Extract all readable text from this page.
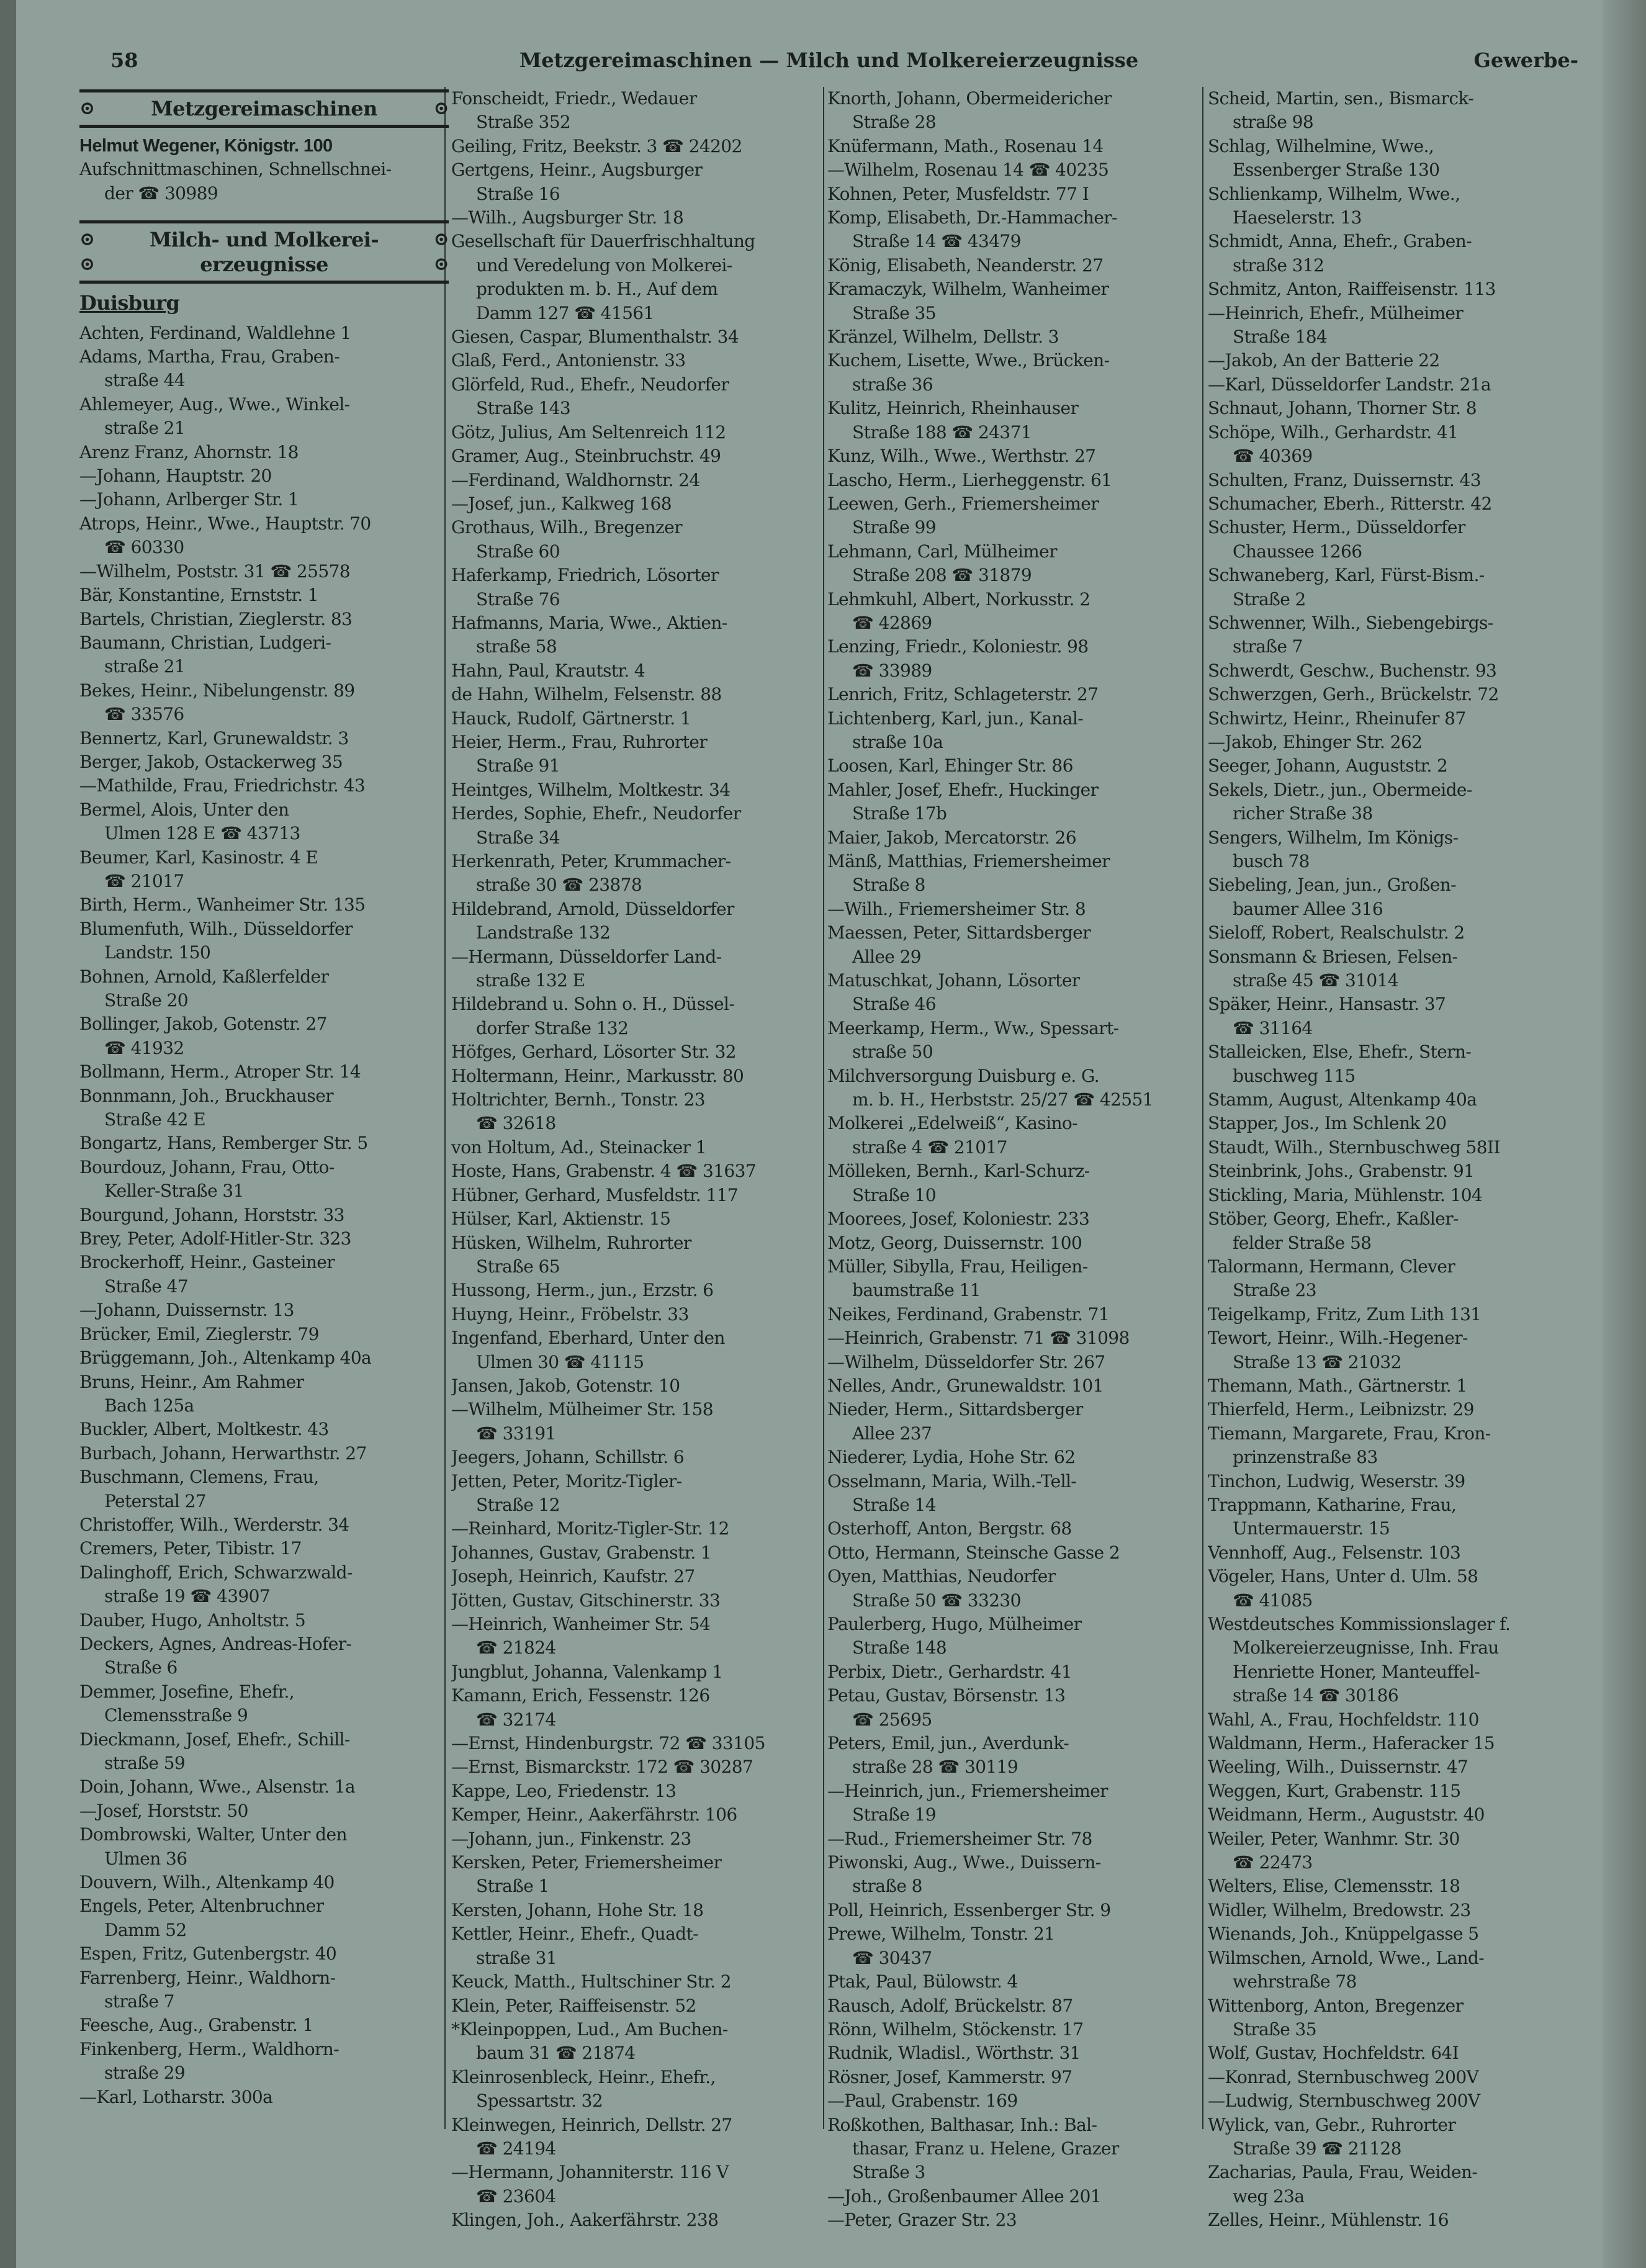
58	Metzgereimaschinen — Milch und Molkereierzeugnisse	Gewerbe-
⊙	Metzgereimaschinen	⊙
Helmut Wegener, Königstr. 100
Aufschnittmaschinen, Schnellschnei-
der ☎ 30989
⊙
⊙
Milch- und Molkerei-
erzeugnisse
⊙
⊙
Duisburg
Achten, Ferdinand, Waldlehne 1
Adams, Martha, Frau, Graben-
straße 44
Ahlemeyer, Aug., Wwe., Winkel-
straße 21
Arenz Franz, Ahornstr. 18
—Johann, Hauptstr. 20
—Johann, Arlberger Str. 1
Atrops, Heinr., Wwe., Hauptstr. 70
☎ 60330
—Wilhelm, Poststr. 31 ☎ 25578
Bär, Konstantine, Ernststr. 1
Bartels, Christian, Zieglerstr. 83
Baumann, Christian, Ludgeri-
straße 21
Bekes, Heinr., Nibelungenstr. 89
☎ 33576
Bennertz, Karl, Grunewaldstr. 3
Berger, Jakob, Ostackerweg 35
—Mathilde, Frau, Friedrichstr. 43
Bermel, Alois, Unter den
Ulmen 128 E ☎ 43713
Beumer, Karl, Kasinostr. 4 E
☎ 21017
Birth, Herm., Wanheimer Str. 135
Blumenfuth, Wilh., Düsseldorfer
Landstr. 150
Bohnen, Arnold, Kaßlerfelder
Straße 20
Bollinger, Jakob, Gotenstr. 27
☎ 41932
Bollmann, Herm., Atroper Str. 14
Bonnmann, Joh., Bruckhauser
Straße 42 E
Bongartz, Hans, Remberger Str. 5
Bourdouz, Johann, Frau, Otto-
Keller-Straße 31
Bourgund, Johann, Horststr. 33
Brey, Peter, Adolf-Hitler-Str. 323
Brockerhoff, Heinr., Gasteiner
Straße 47
—Johann, Duissernstr. 13
Brücker, Emil, Zieglerstr. 79
Brüggemann, Joh., Altenkamp 40a
Bruns, Heinr., Am Rahmer
Bach 125a
Buckler, Albert, Moltkestr. 43
Burbach, Johann, Herwarthstr. 27
Buschmann, Clemens, Frau,
Peterstal 27
Christoffer, Wilh., Werderstr. 34
Cremers, Peter, Tibistr. 17
Dalinghoff, Erich, Schwarzwald-
straße 19 ☎ 43907
Dauber, Hugo, Anholtstr. 5
Deckers, Agnes, Andreas-Hofer-
Straße 6
Demmer, Josefine, Ehefr.,
Clemensstraße 9
Dieckmann, Josef, Ehefr., Schill-
straße 59
Doin, Johann, Wwe., Alsenstr. 1a
—Josef, Horststr. 50
Dombrowski, Walter, Unter den
Ulmen 36
Douvern, Wilh., Altenkamp 40
Engels, Peter, Altenbruchner
Damm 52
Espen, Fritz, Gutenbergstr. 40
Farrenberg, Heinr., Waldhorn-
straße 7
Feesche, Aug., Grabenstr. 1
Finkenberg, Herm., Waldhorn-
straße 29
—Karl, Lotharstr. 300a
Fonscheidt, Friedr., Wedauer
Straße 352
Geiling, Fritz, Beekstr. 3 ☎ 24202
Gertgens, Heinr., Augsburger
Straße 16
—Wilh., Augsburger Str. 18
Gesellschaft für Dauerfrischhaltung
und Veredelung von Molkerei-
produkten m. b. H., Auf dem
Damm 127 ☎ 41561
Giesen, Caspar, Blumenthalstr. 34
Glaß, Ferd., Antonienstr. 33
Glörfeld, Rud., Ehefr., Neudorfer
Straße 143
Götz, Julius, Am Seltenreich 112
Gramer, Aug., Steinbruchstr. 49
—Ferdinand, Waldhornstr. 24
—Josef, jun., Kalkweg 168
Grothaus, Wilh., Bregenzer
Straße 60
Haferkamp, Friedrich, Lösorter
Straße 76
Hafmanns, Maria, Wwe., Aktien-
straße 58
Hahn, Paul, Krautstr. 4
de Hahn, Wilhelm, Felsenstr. 88
Hauck, Rudolf, Gärtnerstr. 1
Heier, Herm., Frau, Ruhrorter
Straße 91
Heintges, Wilhelm, Moltkestr. 34
Herdes, Sophie, Ehefr., Neudorfer
Straße 34
Herkenrath, Peter, Krummacher-
straße 30 ☎ 23878
Hildebrand, Arnold, Düsseldorfer
Landstraße 132
—Hermann, Düsseldorfer Land-
straße 132 E
Hildebrand u. Sohn o. H., Düssel-
dorfer Straße 132
Höfges, Gerhard, Lösorter Str. 32
Holtermann, Heinr., Markusstr. 80
Holtrichter, Bernh., Tonstr. 23
☎ 32618
von Holtum, Ad., Steinacker 1
Hoste, Hans, Grabenstr. 4 ☎ 31637
Hübner, Gerhard, Musfeldstr. 117
Hülser, Karl, Aktienstr. 15
Hüsken, Wilhelm, Ruhrorter
Straße 65
Hussong, Herm., jun., Erzstr. 6
Huyng, Heinr., Fröbelstr. 33
Ingenfand, Eberhard, Unter den
Ulmen 30 ☎ 41115
Jansen, Jakob, Gotenstr. 10
—Wilhelm, Mülheimer Str. 158
☎ 33191
Jeegers, Johann, Schillstr. 6
Jetten, Peter, Moritz-Tigler-
Straße 12
—Reinhard, Moritz-Tigler-Str. 12
Johannes, Gustav, Grabenstr. 1
Joseph, Heinrich, Kaufstr. 27
Jötten, Gustav, Gitschinerstr. 33
—Heinrich, Wanheimer Str. 54
☎ 21824
Jungblut, Johanna, Valenkamp 1
Kamann, Erich, Fessenstr. 126
☎ 32174
—Ernst, Hindenburgstr. 72 ☎ 33105
—Ernst, Bismarckstr. 172 ☎ 30287
Kappe, Leo, Friedenstr. 13
Kemper, Heinr., Aakerfährstr. 106
—Johann, jun., Finkenstr. 23
Kersken, Peter, Friemersheimer
Straße 1
Kersten, Johann, Hohe Str. 18
Kettler, Heinr., Ehefr., Quadt-
straße 31
Keuck, Matth., Hultschiner Str. 2
Klein, Peter, Raiffeisenstr. 52
*Kleinpoppen, Lud., Am Buchen-
baum 31 ☎ 21874
Kleinrosenbleck, Heinr., Ehefr.,
Spessartstr. 32
Kleinwegen, Heinrich, Dellstr. 27
☎ 24194
—Hermann, Johanniterstr. 116 V
☎ 23604
Klingen, Joh., Aakerfährstr. 238
Knorth, Johann, Obermeidericher
Straße 28
Knüfermann, Math., Rosenau 14
—Wilhelm, Rosenau 14 ☎ 40235
Kohnen, Peter, Musfeldstr. 77 I
Komp, Elisabeth, Dr.-Hammacher-
Straße 14 ☎ 43479
König, Elisabeth, Neanderstr. 27
Kramaczyk, Wilhelm, Wanheimer
Straße 35
Kränzel, Wilhelm, Dellstr. 3
Kuchem, Lisette, Wwe., Brücken-
straße 36
Kulitz, Heinrich, Rheinhauser
Straße 188 ☎ 24371
Kunz, Wilh., Wwe., Werthstr. 27
Lascho, Herm., Lierheggenstr. 61
Leewen, Gerh., Friemersheimer
Straße 99
Lehmann, Carl, Mülheimer
Straße 208 ☎ 31879
Lehmkuhl, Albert, Norkusstr. 2
☎ 42869
Lenzing, Friedr., Koloniestr. 98
☎ 33989
Lenrich, Fritz, Schlageterstr. 27
Lichtenberg, Karl, jun., Kanal-
straße 10a
Loosen, Karl, Ehinger Str. 86
Mahler, Josef, Ehefr., Huckinger
Straße 17b
Maier, Jakob, Mercatorstr. 26
Mänß, Matthias, Friemersheimer
Straße 8
—Wilh., Friemersheimer Str. 8
Maessen, Peter, Sittardsberger
Allee 29
Matuschkat, Johann, Lösorter
Straße 46
Meerkamp, Herm., Ww., Spessart-
straße 50
Milchversorgung Duisburg e. G.
m. b. H., Herbststr. 25/27 ☎ 42551
Molkerei „Edelweiß“, Kasino-
straße 4 ☎ 21017
Mölleken, Bernh., Karl-Schurz-
Straße 10
Moorees, Josef, Koloniestr. 233
Motz, Georg, Duissernstr. 100
Müller, Sibylla, Frau, Heiligen-
baumstraße 11
Neikes, Ferdinand, Grabenstr. 71
—Heinrich, Grabenstr. 71 ☎ 31098
—Wilhelm, Düsseldorfer Str. 267
Nelles, Andr., Grunewaldstr. 101
Nieder, Herm., Sittardsberger
Allee 237
Niederer, Lydia, Hohe Str. 62
Osselmann, Maria, Wilh.-Tell-
Straße 14
Osterhoff, Anton, Bergstr. 68
Otto, Hermann, Steinsche Gasse 2
Oyen, Matthias, Neudorfer
Straße 50 ☎ 33230
Paulerberg, Hugo, Mülheimer
Straße 148
Perbix, Dietr., Gerhardstr. 41
Petau, Gustav, Börsenstr. 13
☎ 25695
Peters, Emil, jun., Averdunk-
straße 28 ☎ 30119
—Heinrich, jun., Friemersheimer
Straße 19
—Rud., Friemersheimer Str. 78
Piwonski, Aug., Wwe., Duissern-
straße 8
Poll, Heinrich, Essenberger Str. 9
Prewe, Wilhelm, Tonstr. 21
☎ 30437
Ptak, Paul, Bülowstr. 4
Rausch, Adolf, Brückelstr. 87
Rönn, Wilhelm, Stöckenstr. 17
Rudnik, Wladisl., Wörthstr. 31
Rösner, Josef, Kammerstr. 97
—Paul, Grabenstr. 169
Roßkothen, Balthasar, Inh.: Bal-
thasar, Franz u. Helene, Grazer
Straße 3
—Joh., Großenbaumer Allee 201
—Peter, Grazer Str. 23
Scheid, Martin, sen., Bismarck-
straße 98
Schlag, Wilhelmine, Wwe.,
Essenberger Straße 130
Schlienkamp, Wilhelm, Wwe.,
Haeselerstr. 13
Schmidt, Anna, Ehefr., Graben-
straße 312
Schmitz, Anton, Raiffeisenstr. 113
—Heinrich, Ehefr., Mülheimer
Straße 184
—Jakob, An der Batterie 22
—Karl, Düsseldorfer Landstr. 21a
Schnaut, Johann, Thorner Str. 8
Schöpe, Wilh., Gerhardstr. 41
☎ 40369
Schulten, Franz, Duissernstr. 43
Schumacher, Eberh., Ritterstr. 42
Schuster, Herm., Düsseldorfer
Chaussee 1266
Schwaneberg, Karl, Fürst-Bism.-
Straße 2
Schwenner, Wilh., Siebengebirgs-
straße 7
Schwerdt, Geschw., Buchenstr. 93
Schwerzgen, Gerh., Brückelstr. 72
Schwirtz, Heinr., Rheinufer 87
—Jakob, Ehinger Str. 262
Seeger, Johann, Auguststr. 2
Sekels, Dietr., jun., Obermeide-
richer Straße 38
Sengers, Wilhelm, Im Königs-
busch 78
Siebeling, Jean, jun., Großen-
baumer Allee 316
Sieloff, Robert, Realschulstr. 2
Sonsmann & Briesen, Felsen-
straße 45 ☎ 31014
Späker, Heinr., Hansastr. 37
☎ 31164
Stalleicken, Else, Ehefr., Stern-
buschweg 115
Stamm, August, Altenkamp 40a
Stapper, Jos., Im Schlenk 20
Staudt, Wilh., Sternbuschweg 58II
Steinbrink, Johs., Grabenstr. 91
Stickling, Maria, Mühlenstr. 104
Stöber, Georg, Ehefr., Kaßler-
felder Straße 58
Talormann, Hermann, Clever
Straße 23
Teigelkamp, Fritz, Zum Lith 131
Tewort, Heinr., Wilh.-Hegener-
Straße 13 ☎ 21032
Themann, Math., Gärtnerstr. 1
Thierfeld, Herm., Leibnizstr. 29
Tiemann, Margarete, Frau, Kron-
prinzenstraße 83
Tinchon, Ludwig, Weserstr. 39
Trappmann, Katharine, Frau,
Untermauerstr. 15
Vennhoff, Aug., Felsenstr. 103
Vögeler, Hans, Unter d. Ulm. 58
☎ 41085
Westdeutsches Kommissionslager f.
Molkereierzeugnisse, Inh. Frau
Henriette Honer, Manteuffel-
straße 14 ☎ 30186
Wahl, A., Frau, Hochfeldstr. 110
Waldmann, Herm., Haferacker 15
Weeling, Wilh., Duissernstr. 47
Weggen, Kurt, Grabenstr. 115
Weidmann, Herm., Auguststr. 40
Weiler, Peter, Wanhmr. Str. 30
☎ 22473
Welters, Elise, Clemensstr. 18
Widler, Wilhelm, Bredowstr. 23
Wienands, Joh., Knüppelgasse 5
Wilmschen, Arnold, Wwe., Land-
wehrstraße 78
Wittenborg, Anton, Bregenzer
Straße 35
Wolf, Gustav, Hochfeldstr. 64I
—Konrad, Sternbuschweg 200V
—Ludwig, Sternbuschweg 200V
Wylick, van, Gebr., Ruhrorter
Straße 39 ☎ 21128
Zacharias, Paula, Frau, Weiden-
weg 23a
Zelles, Heinr., Mühlenstr. 16
